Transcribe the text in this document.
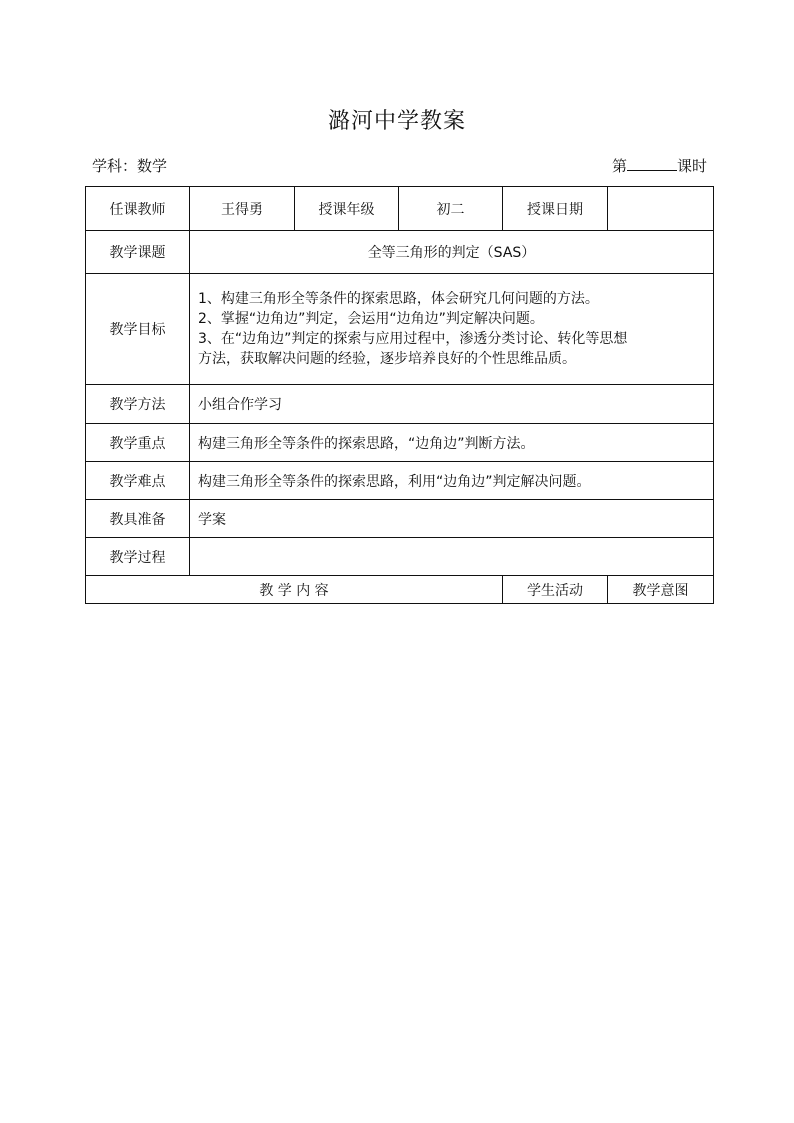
潞河中学教案
学科：数学	第	课时
任课教师	王得勇	授课年级	初二	授课日期	
教学课题	全等三角形的判定（SAS）				
教学目标	1、构建三角形全等条件的探索思路，体会研究几何问题的方法。
2、掌握“边角边”判定，会运用“边角边”判定解决问题。
3、在“边角边”判定的探索与应用过程中，渗透分类讨论、转化等思想
方法，获取解决问题的经验，逐步培养良好的个性思维品质。				

教学方法	小组合作学习				
教学重点	构建三角形全等条件的探索思路，“边角边”判断方法。				
教学难点	构建三角形全等条件的探索思路，利用“边角边”判定解决问题。				
教具准备	学案				
教学过程					
教 学 内 容				学生活动	教学意图
